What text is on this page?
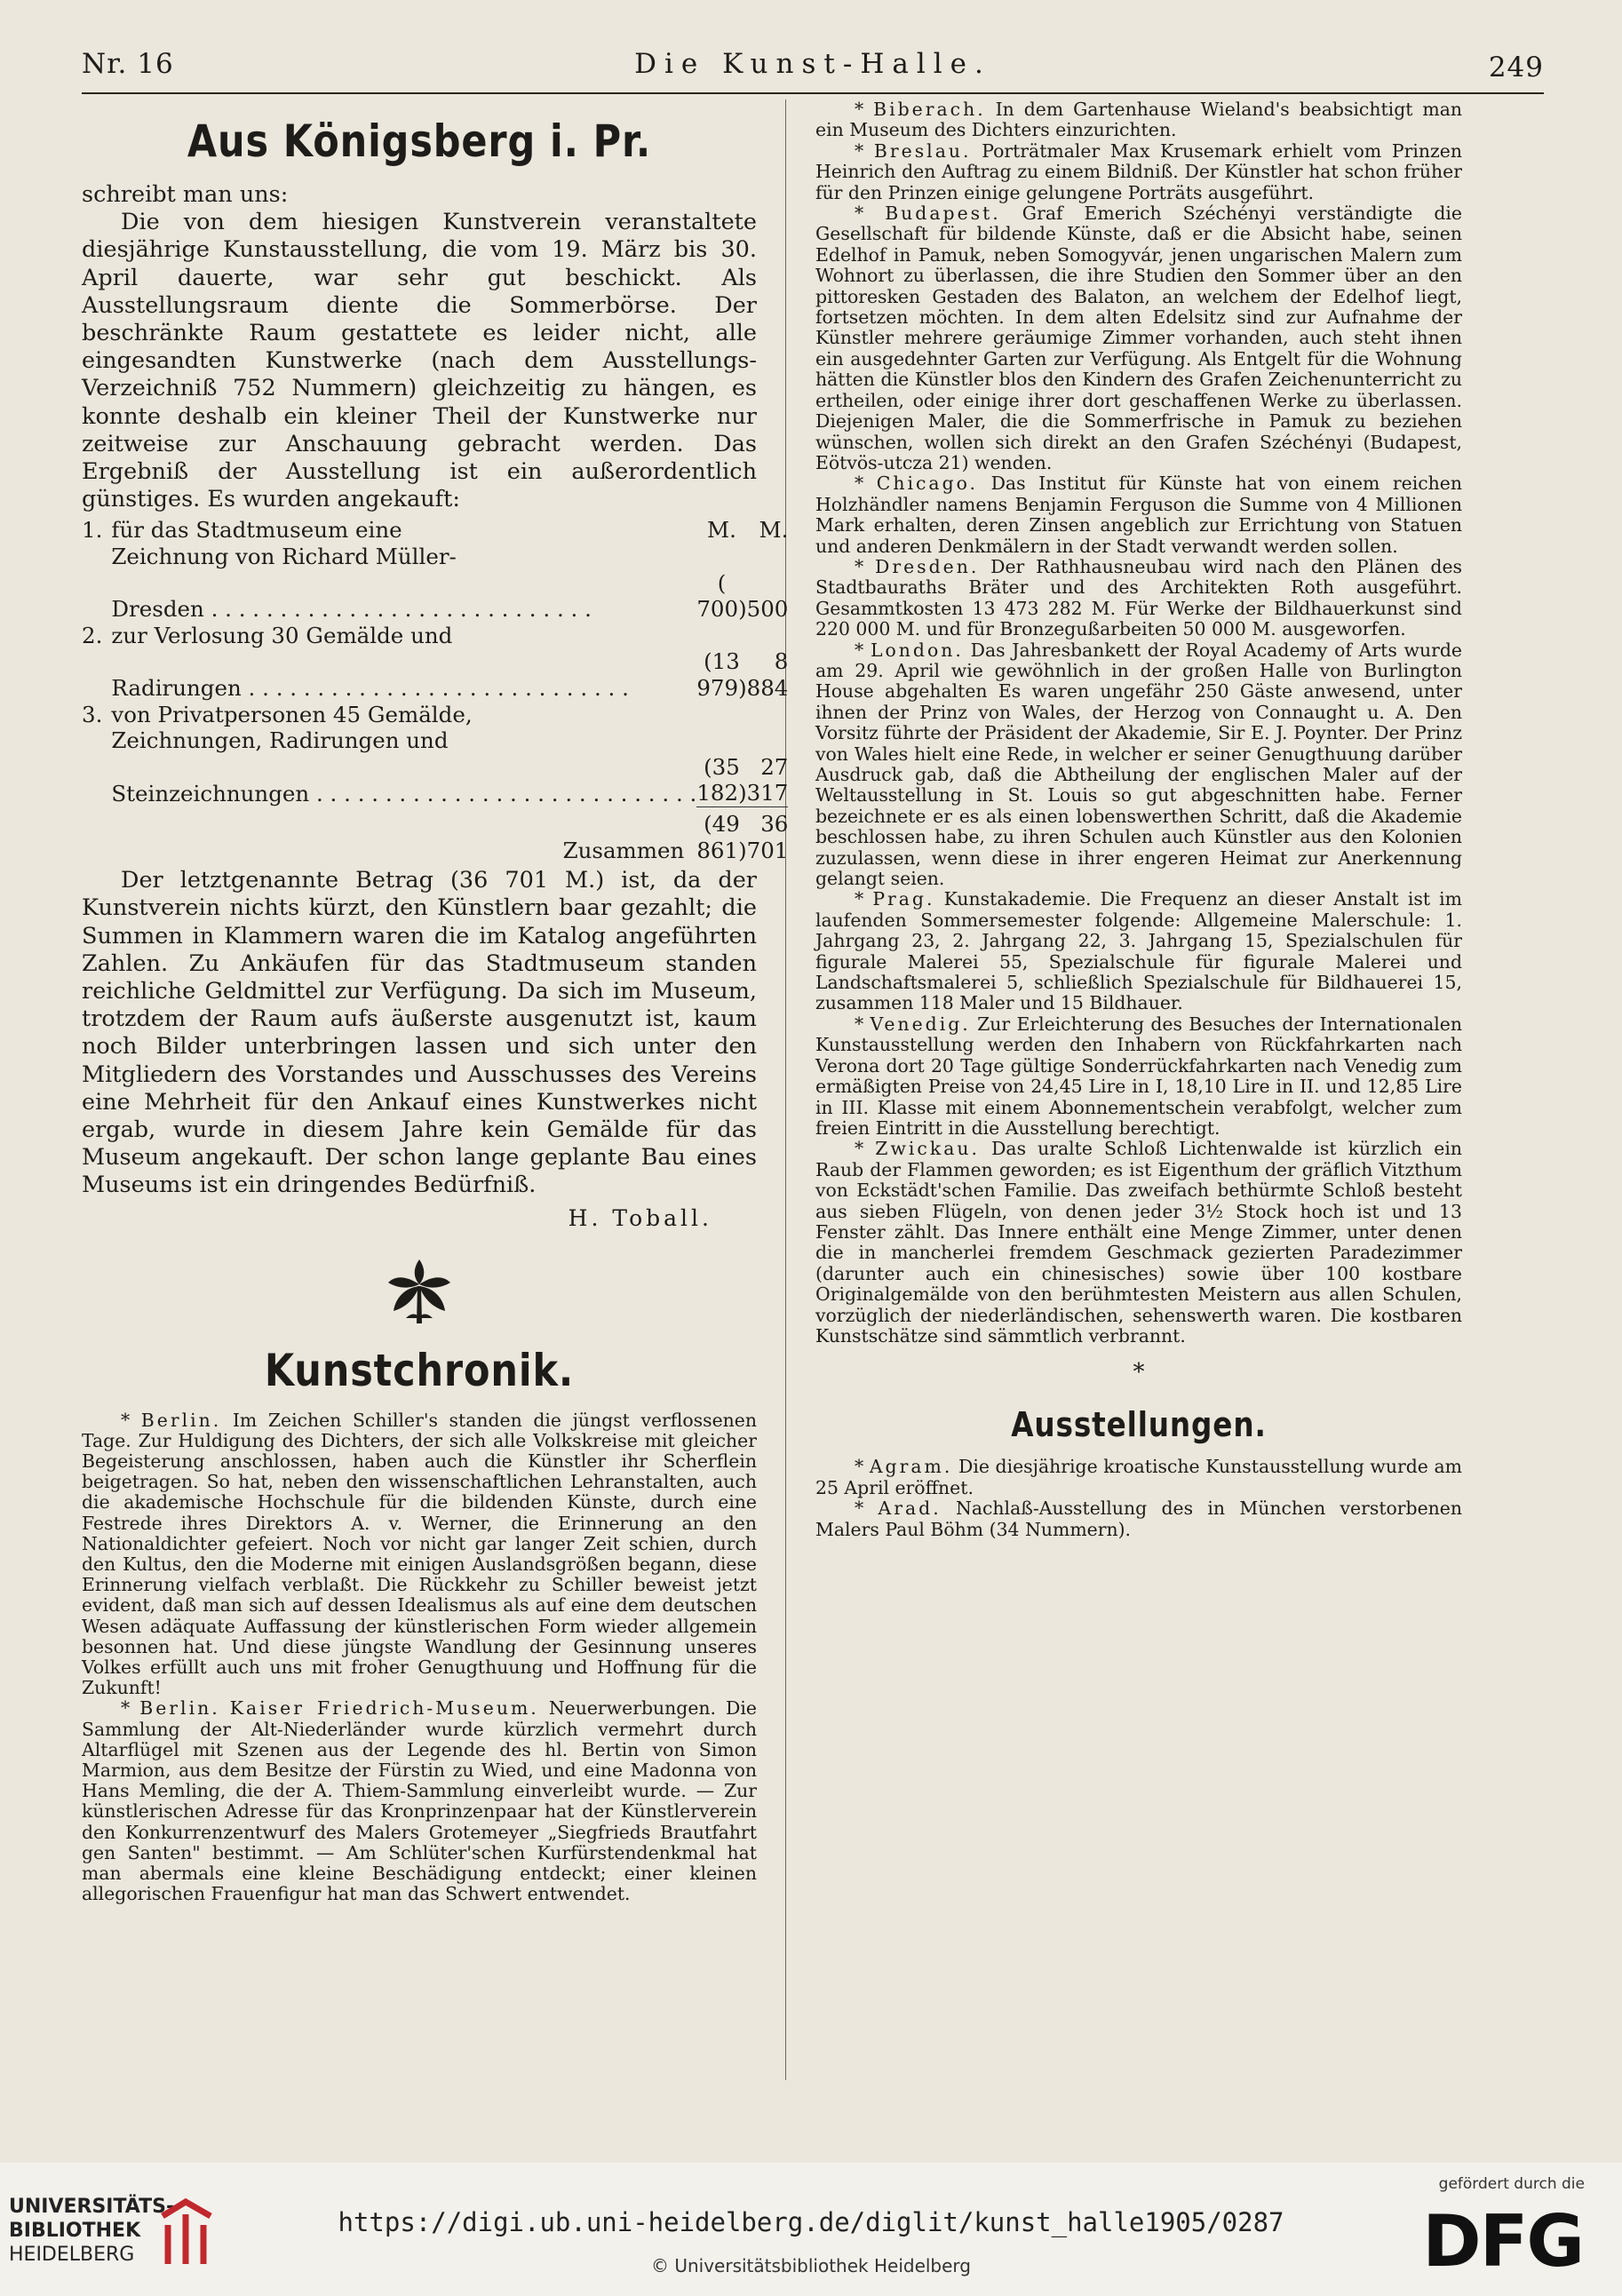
Nr. 16	Die Kunst-Halle.	249
Aus Königsberg i. Pr.

schreibt man uns:

Die von dem hiesigen Kunstverein veranstaltete diesjährige Kunstausstellung, die vom 19. März bis 30. April dauerte, war sehr gut beschickt. Als Ausstellungsraum diente die Sommerbörse. Der beschränkte Raum gestattete es leider nicht, alle eingesandten Kunstwerke (nach dem Ausstellungs-Verzeichniß 752 Nummern) gleichzeitig zu hängen, es konnte deshalb ein kleiner Theil der Kunstwerke nur zeitweise zur Anschauung gebracht werden. Das Ergebniß der Ausstellung ist ein außerordentlich günstiges. Es wurden angekauft:

1.	für das Stadtmuseum eine	M.	M.
	Zeichnung von Richard Müller-		

	Dresden . . . . . . . . . . . . . . . . . . . . . . . . . . . .	( 700)	500
2.	zur Verlosung 30 Gemälde und		

	Radirungen . . . . . . . . . . . . . . . . . . . . . . . . . . . .	(13 979)	8 884
3.	von Privatpersonen 45 Gemälde,		
	Zeichnungen, Radirungen und		

	Steinzeichnungen . . . . . . . . . . . . . . . . . . . . . . . . . . . .	(35 182)	27 317
	Zusammen	(49 861)	36 701

Der letztgenannte Betrag (36 701 M.) ist, da der Kunstverein nichts kürzt, den Künstlern baar gezahlt; die Summen in Klammern waren die im Katalog angeführten Zahlen. Zu Ankäufen für das Stadtmuseum standen reichliche Geldmittel zur Verfügung. Da sich im Museum, trotzdem der Raum aufs äußerste ausgenutzt ist, kaum noch Bilder unterbringen lassen und sich unter den Mitgliedern des Vorstandes und Ausschusses des Vereins eine Mehrheit für den Ankauf eines Kunstwerkes nicht ergab, wurde in diesem Jahre kein Gemälde für das Museum angekauft. Der schon lange geplante Bau eines Museums ist ein dringendes Bedürfniß.

H. Toball.
Kunstchronik.

* Berlin. Im Zeichen Schiller's standen die jüngst verflossenen Tage. Zur Huldigung des Dichters, der sich alle Volkskreise mit gleicher Begeisterung anschlossen, haben auch die Künstler ihr Scherflein beigetragen. So hat, neben den wissenschaftlichen Lehranstalten, auch die akademische Hochschule für die bildenden Künste, durch eine Festrede ihres Direktors A. v. Werner, die Erinnerung an den Nationaldichter gefeiert. Noch vor nicht gar langer Zeit schien, durch den Kultus, den die Moderne mit einigen Auslandsgrößen begann, diese Erinnerung vielfach verblaßt. Die Rückkehr zu Schiller beweist jetzt evident, daß man sich auf dessen Idealismus als auf eine dem deutschen Wesen adäquate Auffassung der künstlerischen Form wieder allgemein besonnen hat. Und diese jüngste Wandlung der Gesinnung unseres Volkes erfüllt auch uns mit froher Genugthuung und Hoffnung für die Zukunft!

* Berlin. Kaiser Friedrich-Museum. Neuerwerbungen. Die Sammlung der Alt-Niederländer wurde kürzlich vermehrt durch Altarflügel mit Szenen aus der Legende des hl. Bertin von Simon Marmion, aus dem Besitze der Fürstin zu Wied, und eine Madonna von Hans Memling, die der A. Thiem-Sammlung einverleibt wurde. — Zur künstlerischen Adresse für das Kronprinzenpaar hat der Künstlerverein den Konkurrenzentwurf des Malers Grotemeyer „Siegfrieds Brautfahrt gen Santen" bestimmt. — Am Schlüter'schen Kurfürstendenkmal hat man abermals eine kleine Beschädigung entdeckt; einer kleinen allegorischen Frauenfigur hat man das Schwert entwendet.

* Biberach. In dem Gartenhause Wieland's beabsichtigt man ein Museum des Dichters einzurichten.

* Breslau. Porträtmaler Max Krusemark erhielt vom Prinzen Heinrich den Auftrag zu einem Bildniß. Der Künstler hat schon früher für den Prinzen einige gelungene Porträts ausgeführt.

* Budapest. Graf Emerich Széchényi verständigte die Gesellschaft für bildende Künste, daß er die Absicht habe, seinen Edelhof in Pamuk, neben Somogyvár, jenen ungarischen Malern zum Wohnort zu überlassen, die ihre Studien den Sommer über an den pittoresken Gestaden des Balaton, an welchem der Edelhof liegt, fortsetzen möchten. In dem alten Edelsitz sind zur Aufnahme der Künstler mehrere geräumige Zimmer vorhanden, auch steht ihnen ein ausgedehnter Garten zur Verfügung. Als Entgelt für die Wohnung hätten die Künstler blos den Kindern des Grafen Zeichenunterricht zu ertheilen, oder einige ihrer dort geschaffenen Werke zu überlassen. Diejenigen Maler, die die Sommerfrische in Pamuk zu beziehen wünschen, wollen sich direkt an den Grafen Széchényi (Budapest, Eötvös-utcza 21) wenden.

* Chicago. Das Institut für Künste hat von einem reichen Holzhändler namens Benjamin Ferguson die Summe von 4 Millionen Mark erhalten, deren Zinsen angeblich zur Errichtung von Statuen und anderen Denkmälern in der Stadt verwandt werden sollen.

* Dresden. Der Rathhausneubau wird nach den Plänen des Stadtbauraths Bräter und des Architekten Roth ausgeführt. Gesammtkosten 13 473 282 M. Für Werke der Bildhauerkunst sind 220 000 M. und für Bronzegußarbeiten 50 000 M. ausgeworfen.

* London. Das Jahresbankett der Royal Academy of Arts wurde am 29. April wie gewöhnlich in der großen Halle von Burlington House abgehalten Es waren ungefähr 250 Gäste anwesend, unter ihnen der Prinz von Wales, der Herzog von Connaught u. A. Den Vorsitz führte der Präsident der Akademie, Sir E. J. Poynter. Der Prinz von Wales hielt eine Rede, in welcher er seiner Genugthuung darüber Ausdruck gab, daß die Abtheilung der englischen Maler auf der Weltausstellung in St. Louis so gut abgeschnitten habe. Ferner bezeichnete er es als einen lobenswerthen Schritt, daß die Akademie beschlossen habe, zu ihren Schulen auch Künstler aus den Kolonien zuzulassen, wenn diese in ihrer engeren Heimat zur Anerkennung gelangt seien.

* Prag. Kunstakademie. Die Frequenz an dieser Anstalt ist im laufenden Sommersemester folgende: Allgemeine Malerschule: 1. Jahrgang 23, 2. Jahrgang 22, 3. Jahrgang 15, Spezialschulen für figurale Malerei 55, Spezialschule für figurale Malerei und Landschaftsmalerei 5, schließlich Spezialschule für Bildhauerei 15, zusammen 118 Maler und 15 Bildhauer.

* Venedig. Zur Erleichterung des Besuches der Internationalen Kunstausstellung werden den Inhabern von Rückfahrkarten nach Verona dort 20 Tage gültige Sonderrückfahrkarten nach Venedig zum ermäßigten Preise von 24,45 Lire in I, 18,10 Lire in II. und 12,85 Lire in III. Klasse mit einem Abonnementschein verabfolgt, welcher zum freien Eintritt in die Ausstellung berechtigt.

* Zwickau. Das uralte Schloß Lichtenwalde ist kürzlich ein Raub der Flammen geworden; es ist Eigenthum der gräflich Vitzthum von Eckstädt'schen Familie. Das zweifach bethürmte Schloß besteht aus sieben Flügeln, von denen jeder 3½ Stock hoch ist und 13 Fenster zählt. Das Innere enthält eine Menge Zimmer, unter denen die in mancherlei fremdem Geschmack gezierten Paradezimmer (darunter auch ein chinesisches) sowie über 100 kostbare Originalgemälde von den berühmtesten Meistern aus allen Schulen, vorzüglich der niederländischen, sehenswerth waren. Die kostbaren Kunstschätze sind sämmtlich verbrannt.

*
Ausstellungen.

* Agram. Die diesjährige kroatische Kunstausstellung wurde am 25 April eröffnet.

* Arad. Nachlaß-Ausstellung des in München verstorbenen Malers Paul Böhm (34 Nummern).

UNIVERSITÄTS-
BIBLIOTHEK
HEIDELBERG
https://digi.ub.uni-heidelberg.de/diglit/kunst_halle1905/0287
© Universitätsbibliothek Heidelberg
gefördert durch die
DFG
